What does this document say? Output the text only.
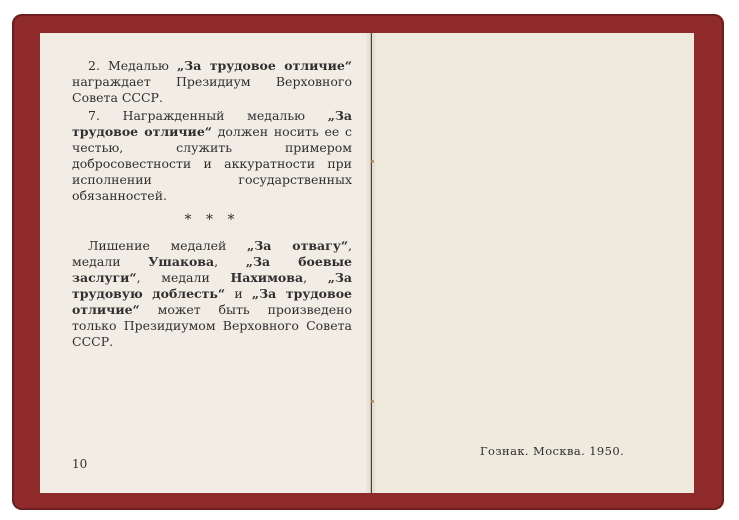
2. Медалью „За трудовое отличие“ награждает Президиум Верховного Совета СССР.

7. Награжденный медалью „За трудовое отличие“ должен носить ее с честью, служить примером добросовестности и аккуратности при исполнении государственных обязанностей.

* * *

Лишение медалей „За отвагу“, медали Ушакова, „За боевые заслуги“, медали Нахимова, „За трудовую доблесть“ и „За трудовое отличие“ может быть произведено только Президиумом Верховного Совета СССР.

10
Гознак. Москва. 1950.
